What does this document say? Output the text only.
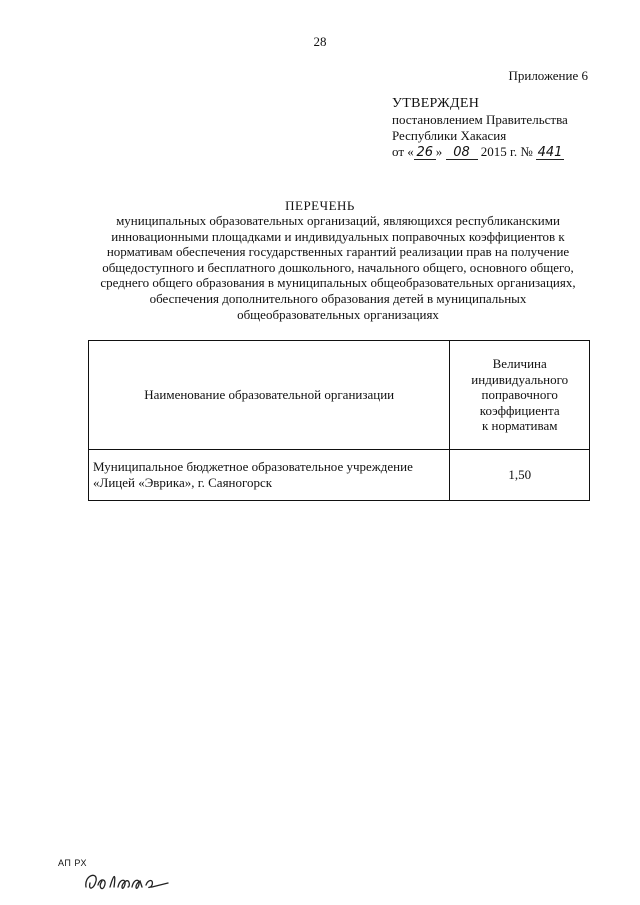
28
Приложение 6
УТВЕРЖДЕН
постановлением Правительства
Республики Хакасия
от « 26 » 08 2015 г. № 441
ПЕРЕЧЕНЬ
муниципальных образовательных организаций, являющихся республиканскими инновационными площадками и индивидуальных поправочных коэффициентов к нормативам обеспечения государственных гарантий реализации прав на получение общедоступного и бесплатного дошкольного, начального общего, основного общего, среднего общего образования в муниципальных общеобразовательных организациях, обеспечения дополнительного образования детей в муниципальных общеобразовательных организациях
Наименование образовательной организации	Величина
индивидуального
поправочного
коэффициента
к нормативам

Муниципальное бюджетное образовательное учреждение
«Лицей «Эврика», г. Саяногорск	1,50
АП РХ
